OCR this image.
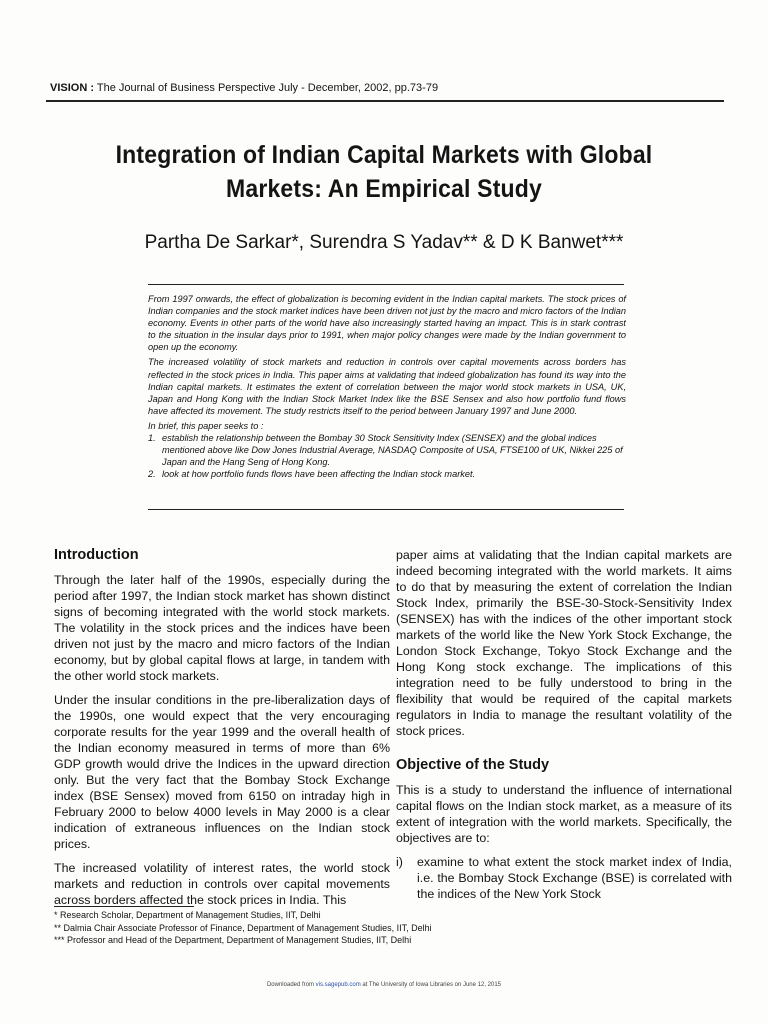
VISION : The Journal of Business Perspective July - December, 2002, pp.73-79
Integration of Indian Capital Markets with Global
Markets: An Empirical Study
Partha De Sarkar*, Surendra S Yadav** & D K Banwet***

From 1997 onwards, the effect of globalization is becoming evident in the Indian capital markets. The stock prices of Indian companies and the stock market indices have been driven not just by the macro and micro factors of the Indian economy. Events in other parts of the world have also increasingly started having an impact. This is in stark contrast to the situation in the insular days prior to 1991, when major policy changes were made by the Indian government to open up the economy.

The increased volatility of stock markets and reduction in controls over capital movements across borders has reflected in the stock prices in India. This paper aims at validating that indeed globalization has found its way into the Indian capital markets. It estimates the extent of correlation between the major world stock markets in USA, UK, Japan and Hong Kong with the Indian Stock Market Index like the BSE Sensex and also how portfolio fund flows have affected its movement. The study restricts itself to the period between January 1997 and June 2000.

In brief, this paper seeks to :

1. establish the relationship between the Bombay 30 Stock Sensitivity Index (SENSEX) and the global indices mentioned above like Dow Jones Industrial Average, NASDAQ Composite of USA, FTSE100 of UK, Nikkei 225 of Japan and the Hang Seng of Hong Kong.
2. look at how portfolio funds flows have been affecting the Indian stock market.
Introduction

Through the later half of the 1990s, especially during the period after 1997, the Indian stock market has shown distinct signs of becoming integrated with the world stock markets. The volatility in the stock prices and the indices have been driven not just by the macro and micro factors of the Indian economy, but by global capital flows at large, in tandem with the other world stock markets.

Under the insular conditions in the pre-liberalization days of the 1990s, one would expect that the very encouraging corporate results for the year 1999 and the overall health of the Indian economy measured in terms of more than 6% GDP growth would drive the Indices in the upward direction only. But the very fact that the Bombay Stock Exchange index (BSE Sensex) moved from 6150 on intraday high in February 2000 to below 4000 levels in May 2000 is a clear indication of extraneous influences on the Indian stock prices.

The increased volatility of interest rates, the world stock markets and reduction in controls over capital movements across borders affected the stock prices in India. This

paper aims at validating that the Indian capital markets are indeed becoming integrated with the world markets. It aims to do that by measuring the extent of correlation the Indian Stock Index, primarily the BSE-30-Stock-Sensitivity Index (SENSEX) has with the indices of the other important stock markets of the world like the New York Stock Exchange, the London Stock Exchange, Tokyo Stock Exchange and the Hong Kong stock exchange. The implications of this integration need to be fully understood to bring in the flexibility that would be required of the capital markets regulators in India to manage the resultant volatility of the stock prices.

Objective of the Study

This is a study to understand the influence of international capital flows on the Indian stock market, as a measure of its extent of integration with the world markets. Specifically, the objectives are to:

i)	examine to what extent the stock market index of India, i.e. the Bombay Stock Exchange (BSE) is correlated with the indices of the New York Stock
* Research Scholar, Department of Management Studies, IIT, Delhi
** Dalmia Chair Associate Professor of Finance, Department of Management Studies, IIT, Delhi
*** Professor and Head of the Department, Department of Management Studies, IIT, Delhi
Downloaded from vis.sagepub.com at The University of Iowa Libraries on June 12, 2015
